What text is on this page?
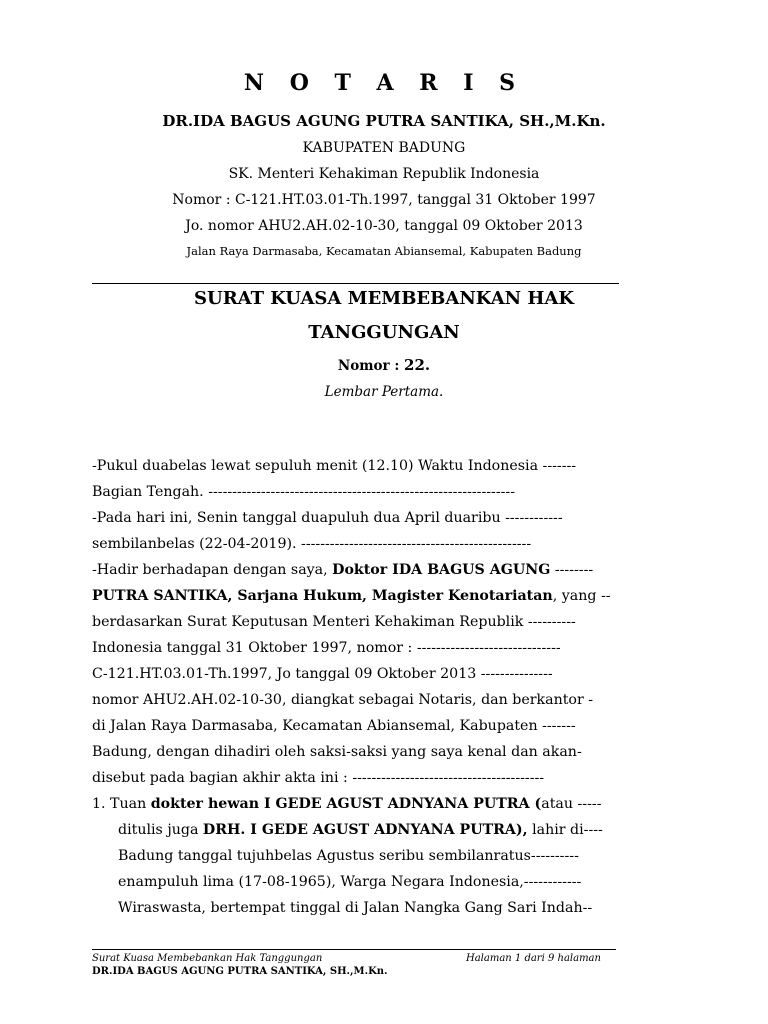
N O T A R I S
DR.IDA BAGUS AGUNG PUTRA SANTIKA, SH.,M.Kn.
KABUPATEN BADUNG
SK. Menteri Kehakiman Republik Indonesia
Nomor : C-121.HT.03.01-Th.1997, tanggal 31 Oktober 1997
Jo. nomor AHU2.AH.02-10-30, tanggal 09 Oktober 2013
Jalan Raya Darmasaba, Kecamatan Abiansemal, Kabupaten Badung
SURAT KUASA MEMBEBANKAN HAK
TANGGUNGAN
Nomor : 22.
Lembar Pertama.
-Pukul duabelas lewat sepuluh menit (12.10) Waktu Indonesia -------
Bagian Tengah. ----------------------------------------------------------------
-Pada hari ini, Senin tanggal duapuluh dua April duaribu ------------
sembilanbelas (22-04-2019). ------------------------------------------------
-Hadir berhadapan dengan saya, Doktor IDA BAGUS AGUNG --------
PUTRA SANTIKA, Sarjana Hukum, Magister Kenotariatan, yang --
berdasarkan Surat Keputusan Menteri Kehakiman Republik ----------
Indonesia tanggal 31 Oktober 1997, nomor : ------------------------------
C-121.HT.03.01-Th.1997, Jo tanggal 09 Oktober 2013 ---------------
nomor AHU2.AH.02-10-30, diangkat sebagai Notaris, dan berkantor -
di Jalan Raya Darmasaba, Kecamatan Abiansemal, Kabupaten -------
Badung, dengan dihadiri oleh saksi-saksi yang saya kenal dan akan-
disebut pada bagian akhir akta ini : ----------------------------------------
1. Tuan dokter hewan I GEDE AGUST ADNYANA PUTRA (atau -----
ditulis juga DRH. I GEDE AGUST ADNYANA PUTRA), lahir di----
Badung tanggal tujuhbelas Agustus seribu sembilanratus----------
enampuluh lima (17-08-1965), Warga Negara Indonesia,------------
Wiraswasta, bertempat tinggal di Jalan Nangka Gang Sari Indah--
Surat Kuasa Membebankan Hak Tanggungan	Halaman 1 dari 9 halaman
DR.IDA BAGUS AGUNG PUTRA SANTIKA, SH.,M.Kn.
